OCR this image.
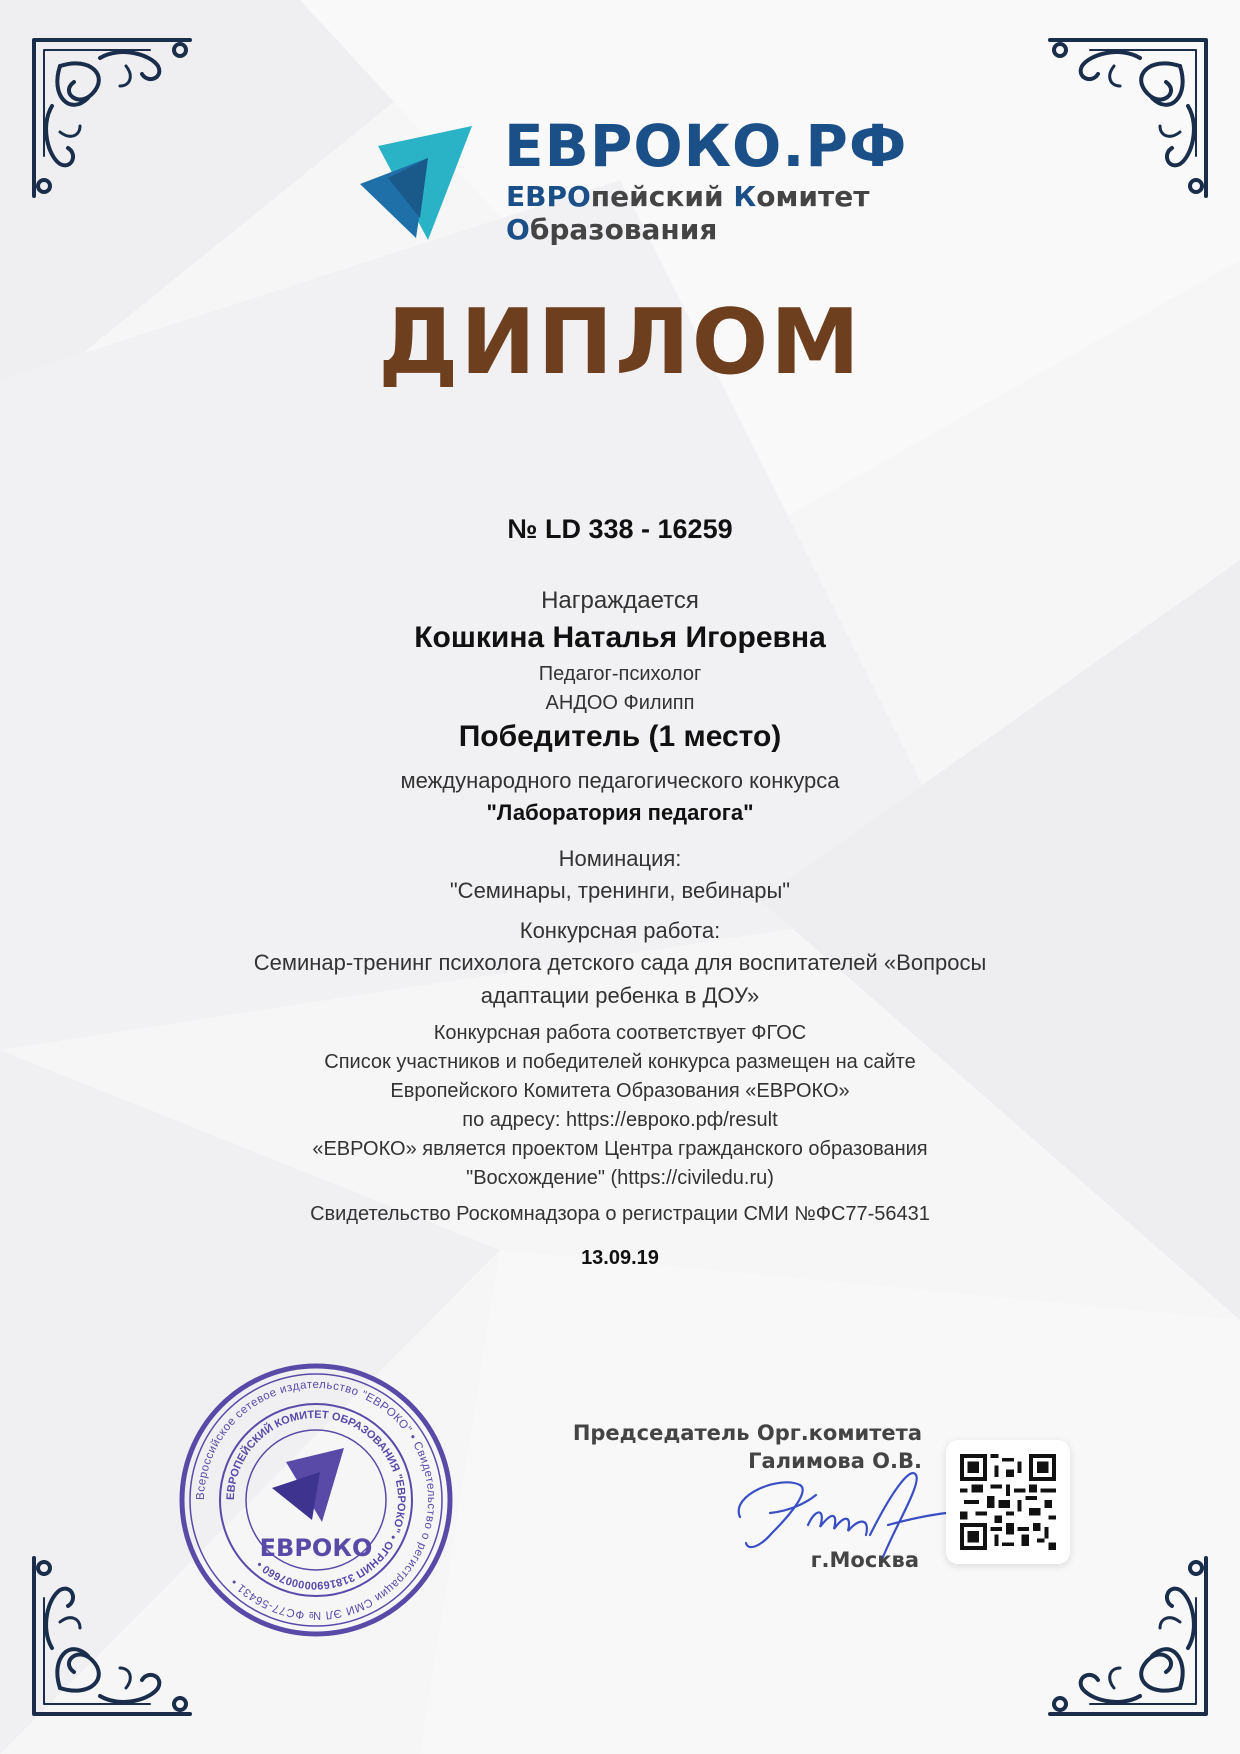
ЕВРОКО.РФ
ЕВРОпейский Комитет
Образования
ДИПЛОМ
№ LD 338 - 16259
Награждается
Кошкина Наталья Игоревна
Педагог-психолог
АНДОО Филипп
Победитель (1 место)
международного педагогического конкурса
"Лаборатория педагога"
Номинация:
"Семинары, тренинги, вебинары"
Конкурсная работа:
Семинар-тренинг психолога детского сада для воспитателей «Вопросы
адаптации ребенка в ДОУ»
Конкурсная работа соответствует ФГОС
Список участников и победителей конкурса размещен на сайте
Европейского Комитета Образования «ЕВРОКО»
по адресу: https://евроко.рф/result
«ЕВРОКО» является проектом Центра гражданского образования
"Восхождение" (https://civiledu.ru)
Свидетельство Роскомнадзора о регистрации СМИ №ФС77-56431
13.09.19
Всероссийское сетевое издательство "ЕВРОКО" • Свидетельство о регистрации СМИ ЭЛ № ФС77-56431 •
ЕВРОПЕЙСКИЙ КОМИТЕТ ОБРАЗОВАНИЯ "ЕВРОКО" • ОГРНИП 318169000007660 •
ЕВРОКО
Председатель Орг.комитета
Галимова О.В.
г.Москва
